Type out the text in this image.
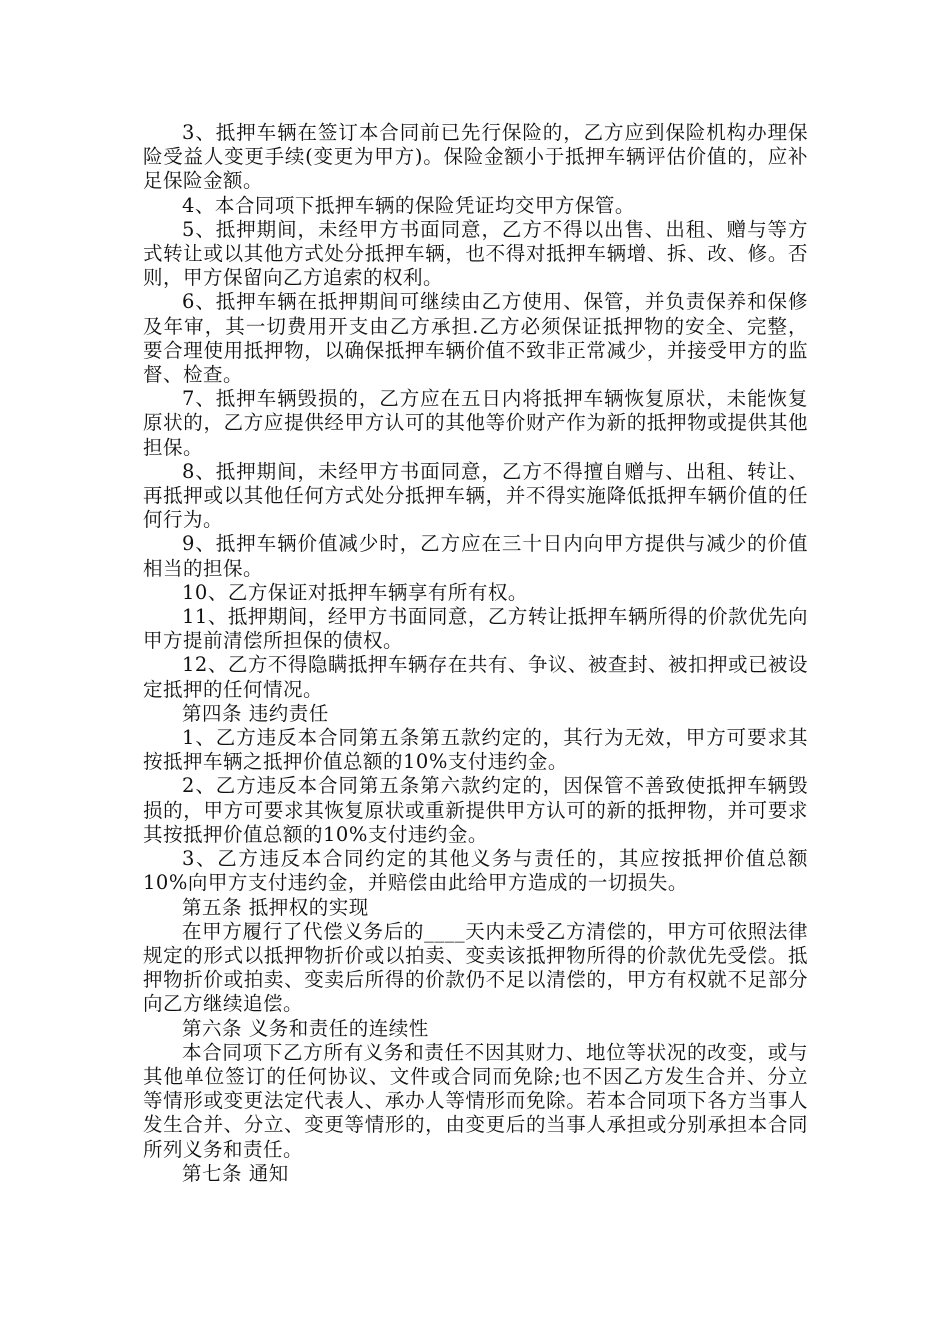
3、抵押车辆在签订本合同前已先行保险的，乙方应到保险机构办理保险受益人变更手续(变更为甲方)。保险金额小于抵押车辆评估价值的，应补足保险金额。

4、本合同项下抵押车辆的保险凭证均交甲方保管。

5、抵押期间，未经甲方书面同意，乙方不得以出售、出租、赠与等方式转让或以其他方式处分抵押车辆，也不得对抵押车辆增、拆、改、修。否则，甲方保留向乙方追索的权利。

6、抵押车辆在抵押期间可继续由乙方使用、保管，并负责保养和保修及年审，其一切费用开支由乙方承担.乙方必须保证抵押物的安全、完整，要合理使用抵押物，以确保抵押车辆价值不致非正常减少，并接受甲方的监督、检查。

7、抵押车辆毁损的，乙方应在五日内将抵押车辆恢复原状，未能恢复原状的，乙方应提供经甲方认可的其他等价财产作为新的抵押物或提供其他担保。

8、抵押期间，未经甲方书面同意，乙方不得擅自赠与、出租、转让、再抵押或以其他任何方式处分抵押车辆，并不得实施降低抵押车辆价值的任何行为。

9、抵押车辆价值减少时，乙方应在三十日内向甲方提供与减少的价值相当的担保。

10、乙方保证对抵押车辆享有所有权。

11、抵押期间，经甲方书面同意，乙方转让抵押车辆所得的价款优先向甲方提前清偿所担保的债权。

12、乙方不得隐瞒抵押车辆存在共有、争议、被查封、被扣押或已被设定抵押的任何情况。

第四条 违约责任

1、乙方违反本合同第五条第五款约定的，其行为无效，甲方可要求其按抵押车辆之抵押价值总额的10%支付违约金。

2、乙方违反本合同第五条第六款约定的，因保管不善致使抵押车辆毁损的，甲方可要求其恢复原状或重新提供甲方认可的新的抵押物，并可要求其按抵押价值总额的10%支付违约金。

3、乙方违反本合同约定的其他义务与责任的，其应按抵押价值总额10%向甲方支付违约金，并赔偿由此给甲方造成的一切损失。

第五条 抵押权的实现

在甲方履行了代偿义务后的____天内未受乙方清偿的，甲方可依照法律规定的形式以抵押物折价或以拍卖、变卖该抵押物所得的价款优先受偿。抵押物折价或拍卖、变卖后所得的价款仍不足以清偿的，甲方有权就不足部分向乙方继续追偿。

第六条 义务和责任的连续性

本合同项下乙方所有义务和责任不因其财力、地位等状况的改变，或与其他单位签订的任何协议、文件或合同而免除;也不因乙方发生合并、分立等情形或变更法定代表人、承办人等情形而免除。若本合同项下各方当事人发生合并、分立、变更等情形的，由变更后的当事人承担或分别承担本合同所列义务和责任。

第七条 通知
